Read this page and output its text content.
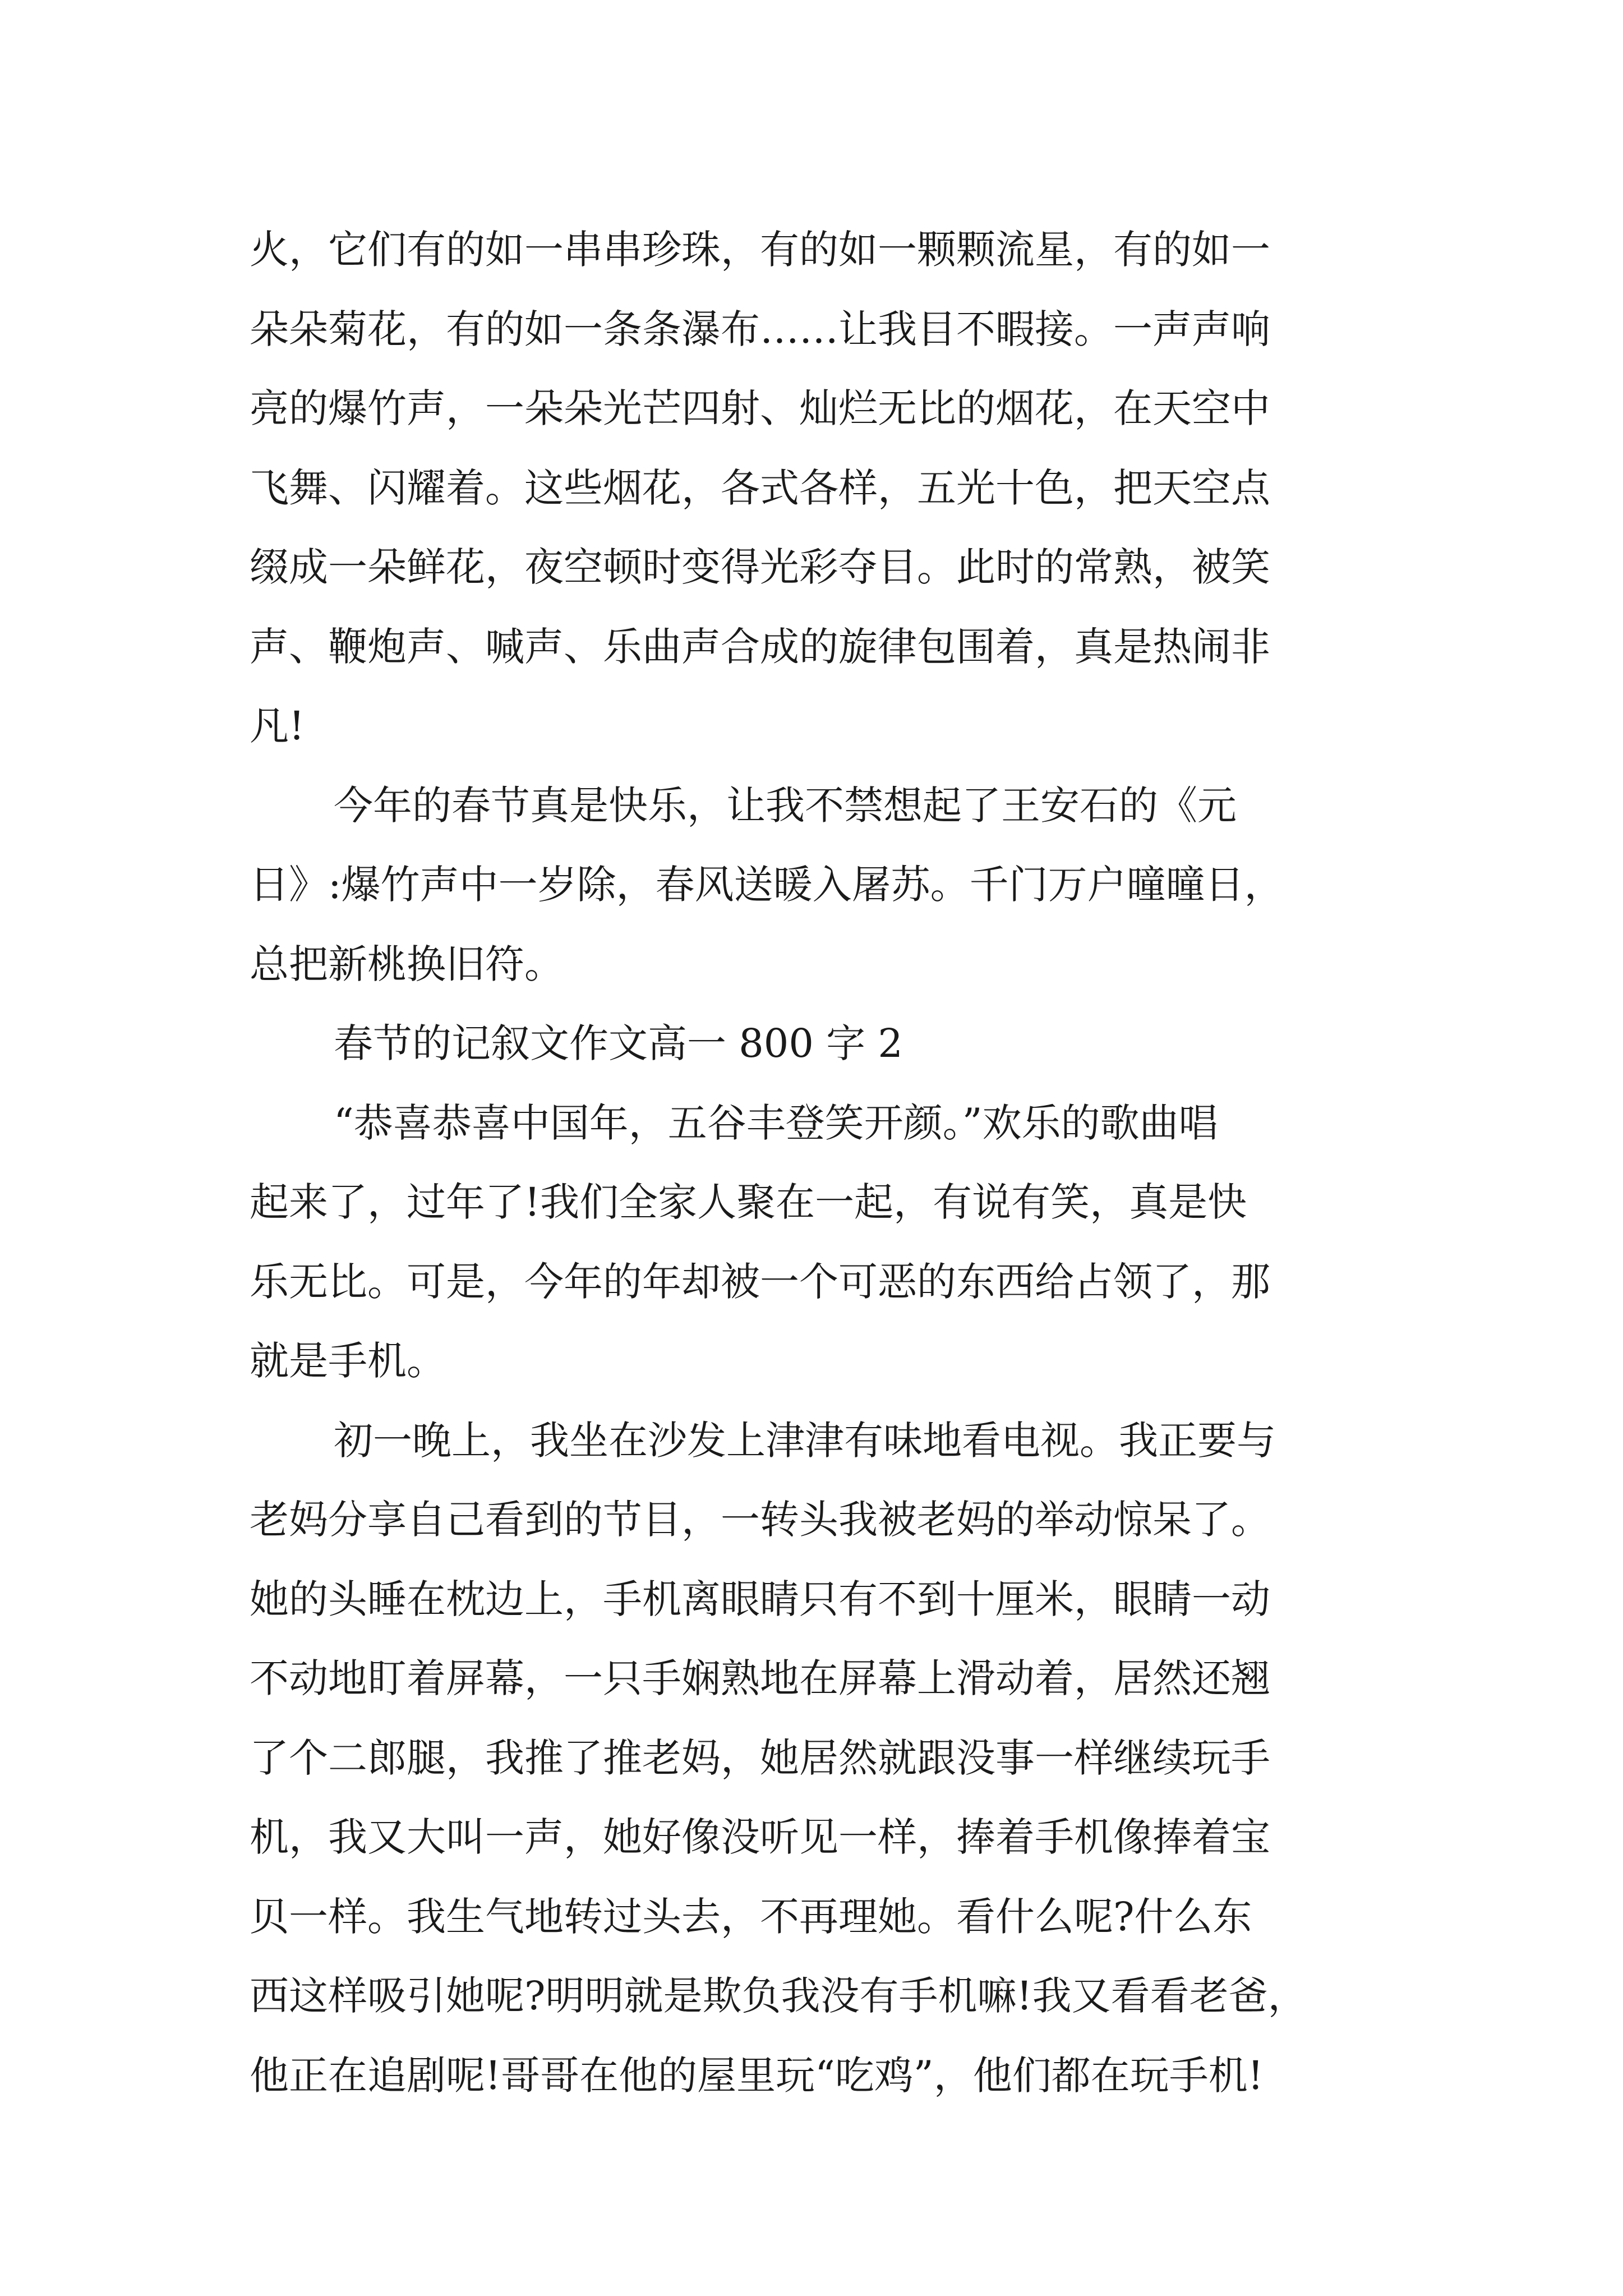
火，它们有的如一串串珍珠，有的如一颗颗流星，有的如一
朵朵菊花，有的如一条条瀑布……让我目不暇接。一声声响
亮的爆竹声，一朵朵光芒四射、灿烂无比的烟花，在天空中
飞舞、闪耀着。这些烟花，各式各样，五光十色，把天空点
缀成一朵鲜花，夜空顿时变得光彩夺目。此时的常熟，被笑
声、鞭炮声、喊声、乐曲声合成的旋律包围着，真是热闹非
凡!
今年的春节真是快乐，让我不禁想起了王安石的《元
日》:爆竹声中一岁除，春风送暖入屠苏。千门万户曈曈日，
总把新桃换旧符。
春节的记叙文作文高一 800 字 2
“恭喜恭喜中国年，五谷丰登笑开颜。”欢乐的歌曲唱
起来了，过年了!我们全家人聚在一起，有说有笑，真是快
乐无比。可是，今年的年却被一个可恶的东西给占领了，那
就是手机。
初一晚上，我坐在沙发上津津有味地看电视。我正要与
老妈分享自己看到的节目，一转头我被老妈的举动惊呆了。
她的头睡在枕边上，手机离眼睛只有不到十厘米，眼睛一动
不动地盯着屏幕，一只手娴熟地在屏幕上滑动着，居然还翘
了个二郎腿，我推了推老妈，她居然就跟没事一样继续玩手
机，我又大叫一声，她好像没听见一样，捧着手机像捧着宝
贝一样。我生气地转过头去，不再理她。看什么呢?什么东
西这样吸引她呢?明明就是欺负我没有手机嘛!我又看看老爸，
他正在追剧呢!哥哥在他的屋里玩“吃鸡”，他们都在玩手机!
